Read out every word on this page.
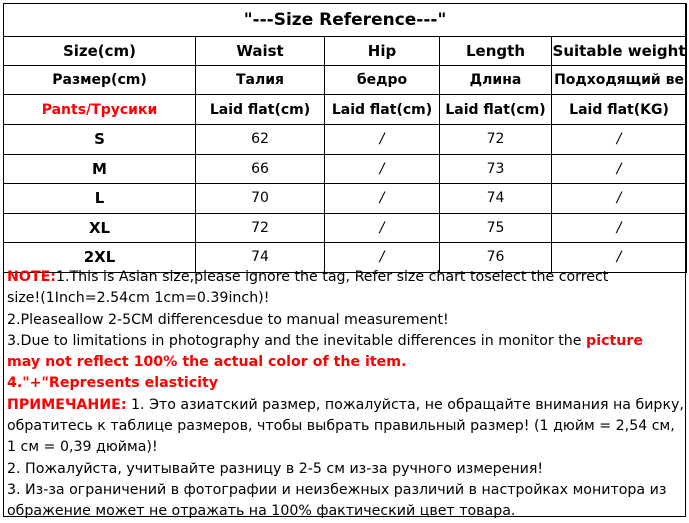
"---Size Reference---"				
Size(cm)	Waist	Hip	Length	Suitable weight
Размер(cm)	Талия	бедро	Длина	Подходящий ве
Pants/Трусики	Laid flat(cm)	Laid flat(cm)	Laid flat(cm)	Laid flat(KG)
S	62	/	72	/
M	66	/	73	/
L	70	/	74	/
XL	72	/	75	/
2XL	74	/	76	/

NOTE:1.This is Asian size,please ignore the tag, Refer size chart toselect the correct

size!(1Inch=2.54cm 1cm=0.39inch)!

2.Pleaseallow 2-5CM differencesdue to manual measurement!

3.Due to limitations in photography and the inevitable differences in monitor the picture

may not reflect 100% the actual color of the item.

4."+"Represents elasticity

ПРИМЕЧАНИЕ: 1. Это азиатский размер, пожалуйста, не обращайте внимания на бирку,

обратитесь к таблице размеров, чтобы выбрать правильный размер! (1 дюйм = 2,54 см,

1 см = 0,39 дюйма)!

2. Пожалуйста, учитывайте разницу в 2-5 см из-за ручного измерения!

3. Из-за ограничений в фотографии и неизбежных различий в настройках монитора из

ображение может не отражать на 100% фактический цвет товара.
